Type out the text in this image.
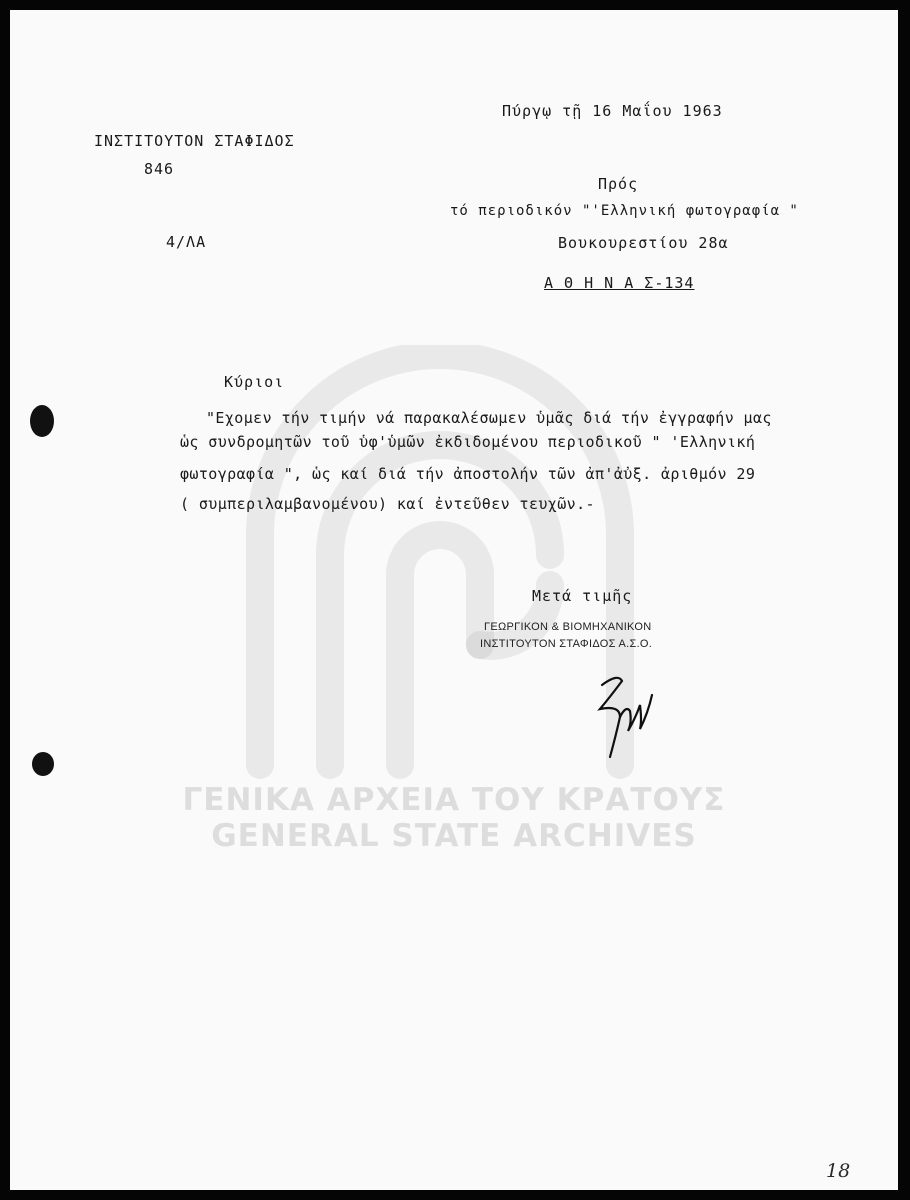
ΓΕΝΙΚΑ ΑΡΧΕΙΑ ΤΟΥ ΚΡΑΤΟΥΣ
GENERAL STATE ARCHIVES
Πύργῳ τῇ 16 Μαΐου 1963
ΙΝΣΤΙΤΟΥΤΟΝ ΣΤΑΦΙΔΟΣ
846
4/ΛΑ
Πρός
τό περιοδικόν "'Ελληνική φωτογραφία "
Βουκουρεστίου 28α
Α Θ Η Ν Α Σ-134
Κύριοι
"Εχομεν τήν τιμήν νά παρακαλέσωμεν ὑμᾶς διά τήν ἐγγραφήν μας
ὡς συνδρομητῶν τοῦ ὑφ'ὑμῶν ἐκδιδομένου περιοδικοῦ " 'Ελληνική
φωτογραφία ", ὡς καί διά τήν ἀποστολήν τῶν ἀπ'ἀὐξ. ἀριθμόν 29
( συμπεριλαμβανομένου) καί ἐντεῦθεν τευχῶν.-
Μετά τιμῆς
ΓΕΩΡΓΙΚΟΝ & ΒΙΟΜΗΧΑΝΙΚΟΝ
ΙΝΣΤΙΤΟΥΤΟΝ ΣΤΑΦΙΔΟΣ Α.Σ.Ο.
18
